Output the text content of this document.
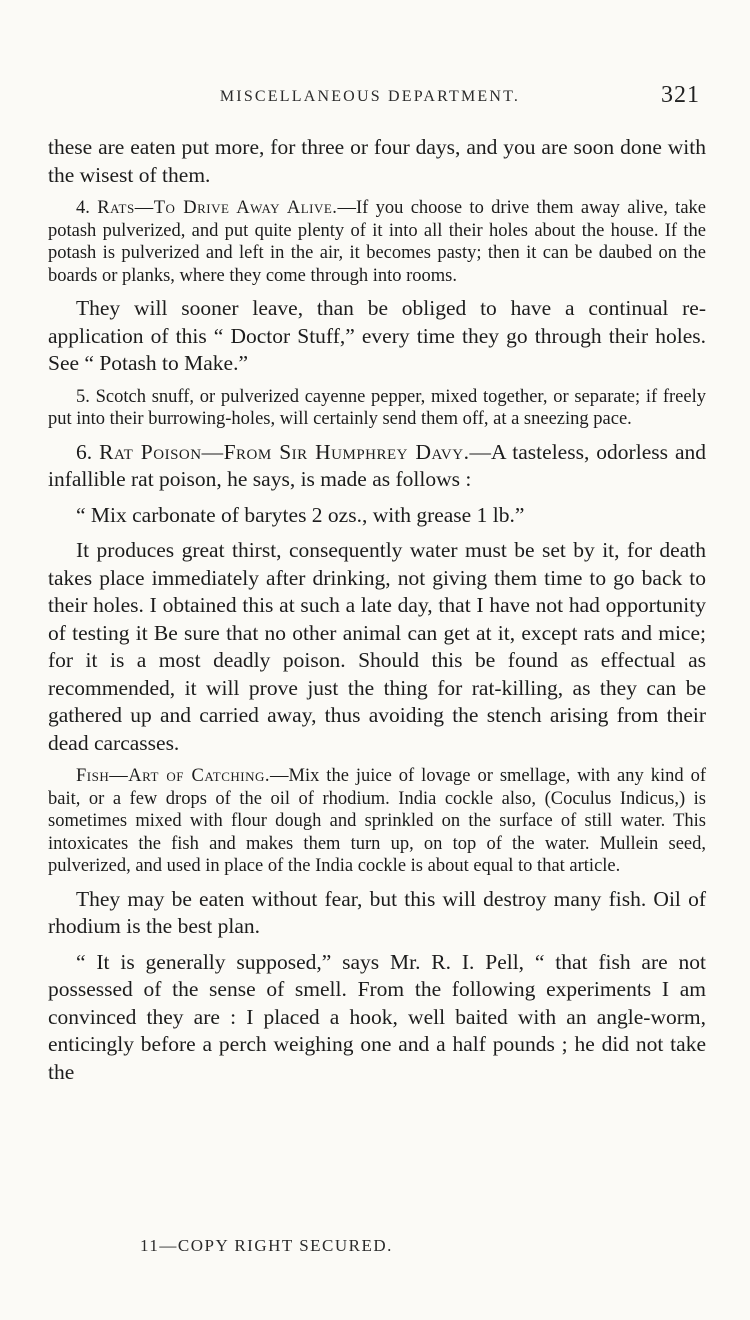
MISCELLANEOUS DEPARTMENT.	321

these are eaten put more, for three or four days, and you are soon done with the wisest of them.

4. Rats—To Drive Away Alive.—If you choose to drive them away alive, take potash pulverized, and put quite plenty of it into all their holes about the house. If the potash is pulverized and left in the air, it becomes pasty; then it can be daubed on the boards or planks, where they come through into rooms.

They will sooner leave, than be obliged to have a continual re-application of this “ Doctor Stuff,” every time they go through their holes. See “ Potash to Make.”

5. Scotch snuff, or pulverized cayenne pepper, mixed together, or separate; if freely put into their burrowing-holes, will certainly send them off, at a sneezing pace.

6. Rat Poison—From Sir Humphrey Davy.—A tasteless, odorless and infallible rat poison, he says, is made as follows :

“ Mix carbonate of barytes 2 ozs., with grease 1 lb.”

It produces great thirst, consequently water must be set by it, for death takes place immediately after drinking, not giving them time to go back to their holes. I obtained this at such a late day, that I have not had opportunity of testing it Be sure that no other animal can get at it, except rats and mice; for it is a most deadly poison. Should this be found as effectual as recommended, it will prove just the thing for rat-killing, as they can be gathered up and carried away, thus avoiding the stench arising from their dead carcasses.

Fish—Art of Catching.—Mix the juice of lovage or smellage, with any kind of bait, or a few drops of the oil of rhodium. India cockle also, (Coculus Indicus,) is sometimes mixed with flour dough and sprinkled on the surface of still water. This intoxicates the fish and makes them turn up, on top of the water. Mullein seed, pulverized, and used in place of the India cockle is about equal to that article.

They may be eaten without fear, but this will destroy many fish. Oil of rhodium is the best plan.

“ It is generally supposed,” says Mr. R. I. Pell, “ that fish are not possessed of the sense of smell. From the following experiments I am convinced they are : I placed a hook, well baited with an angle-worm, enticingly before a perch weighing one and a half pounds ; he did not take the

11—COPY RIGHT SECURED.
